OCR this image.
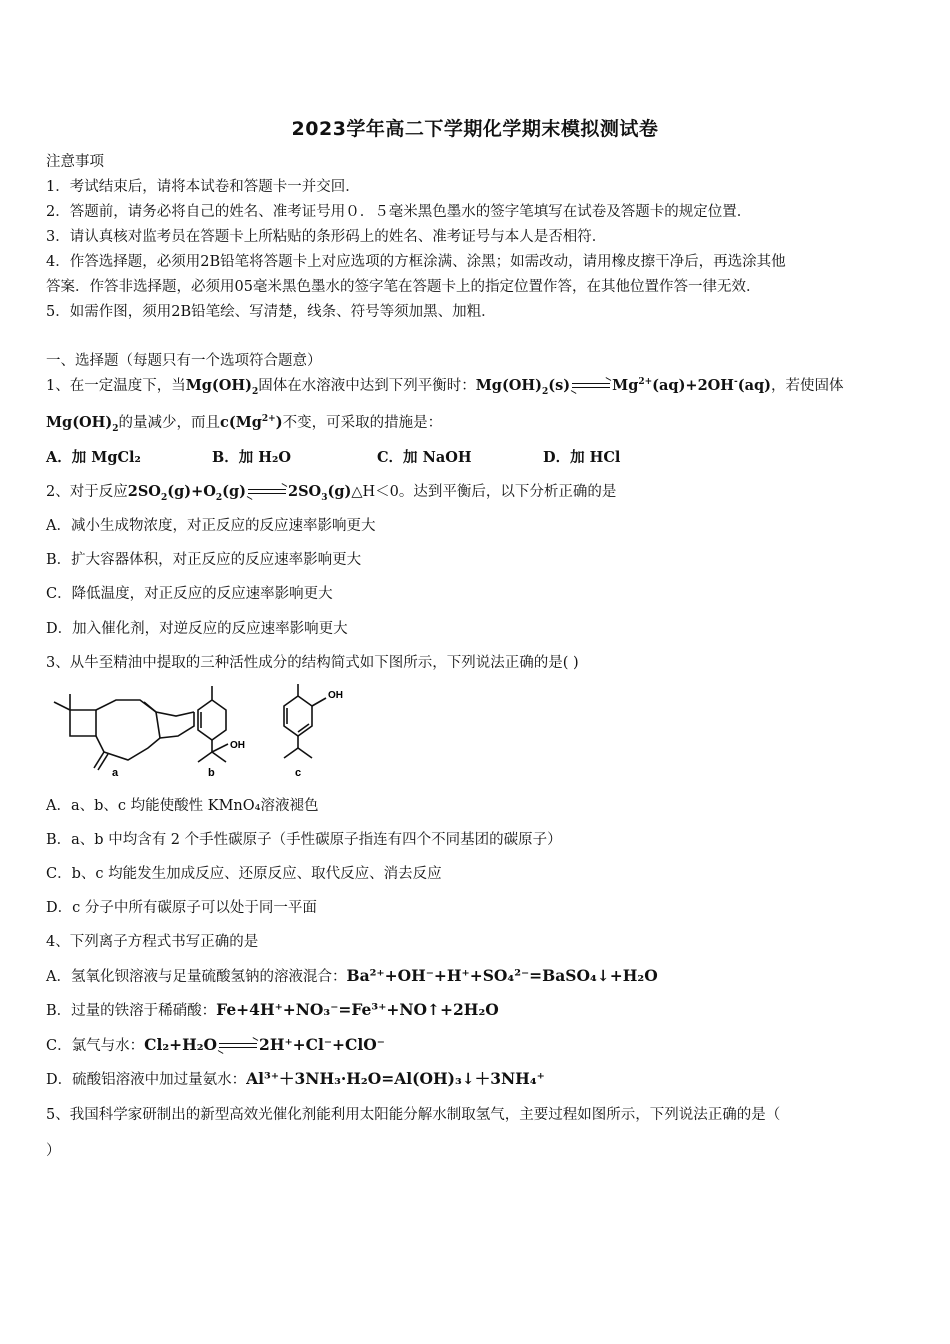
2023学年高二下学期化学期末模拟测试卷
注意事项
1．考试结束后，请将本试卷和答题卡一并交回．
2．答题前，请务必将自己的姓名、准考证号用０．５毫米黑色墨水的签字笔填写在试卷及答题卡的规定位置．
3．请认真核对监考员在答题卡上所粘贴的条形码上的姓名、准考证号与本人是否相符．
4．作答选择题，必须用2B铅笔将答题卡上对应选项的方框涂满、涂黑；如需改动，请用橡皮擦干净后，再选涂其他
答案．作答非选择题，必须用05毫米黑色墨水的签字笔在答题卡上的指定位置作答，在其他位置作答一律无效．
5．如需作图，须用2B铅笔绘、写清楚，线条、符号等须加黑、加粗．
一、选择题（每题只有一个选项符合题意）
1、在一定温度下，当$Mg(OH)_2$固体在水溶液中达到下列平衡时：$Mg(OH)_2(s)$	$Mg^{2+}(aq)+2OH^-(aq)$，若使固体
$Mg(OH)_2$的量减少，而且$c(Mg^{2+})$不变，可采取的措施是：
A．加 MgCl₂	B．加 H₂O	C．加 NaOH	D．加 HCl
2、对于反应$2SO_2(g)+O_2(g)$	$2SO_3(g)\triangle H<0$。达到平衡后，以下分析正确的是
A．减小生成物浓度，对正反应的反应速率影响更大
B．扩大容器体积，对正反应的反应速率影响更大
C．降低温度，对正反应的反应速率影响更大
D．加入催化剂，对逆反应的反应速率影响更大
3、从牛至精油中提取的三种活性成分的结构简式如下图所示，下列说法正确的是( )
OH
OH
a	b	c
A．a、b、c 均能使酸性 KMnO₄溶液褪色
B．a、b 中均含有 2 个手性碳原子（手性碳原子指连有四个不同基团的碳原子）
C．b、c 均能发生加成反应、还原反应、取代反应、消去反应
D．c 分子中所有碳原子可以处于同一平面
4、下列离子方程式书写正确的是
A．氢氧化钡溶液与足量硫酸氢钠的溶液混合：Ba²⁺+OH⁻+H⁺+SO₄²⁻=BaSO₄↓+H₂O
B．过量的铁溶于稀硝酸：Fe+4H⁺+NO₃⁻=Fe³⁺+NO↑+2H₂O
C．氯气与水：Cl₂+H₂O	2H⁺+Cl⁻+ClO⁻
D．硫酸铝溶液中加过量氨水：Al³⁺＋3NH₃·H₂O=Al(OH)₃↓＋3NH₄⁺
5、我国科学家研制出的新型高效光催化剂能利用太阳能分解水制取氢气，主要过程如图所示，下列说法正确的是（
）
